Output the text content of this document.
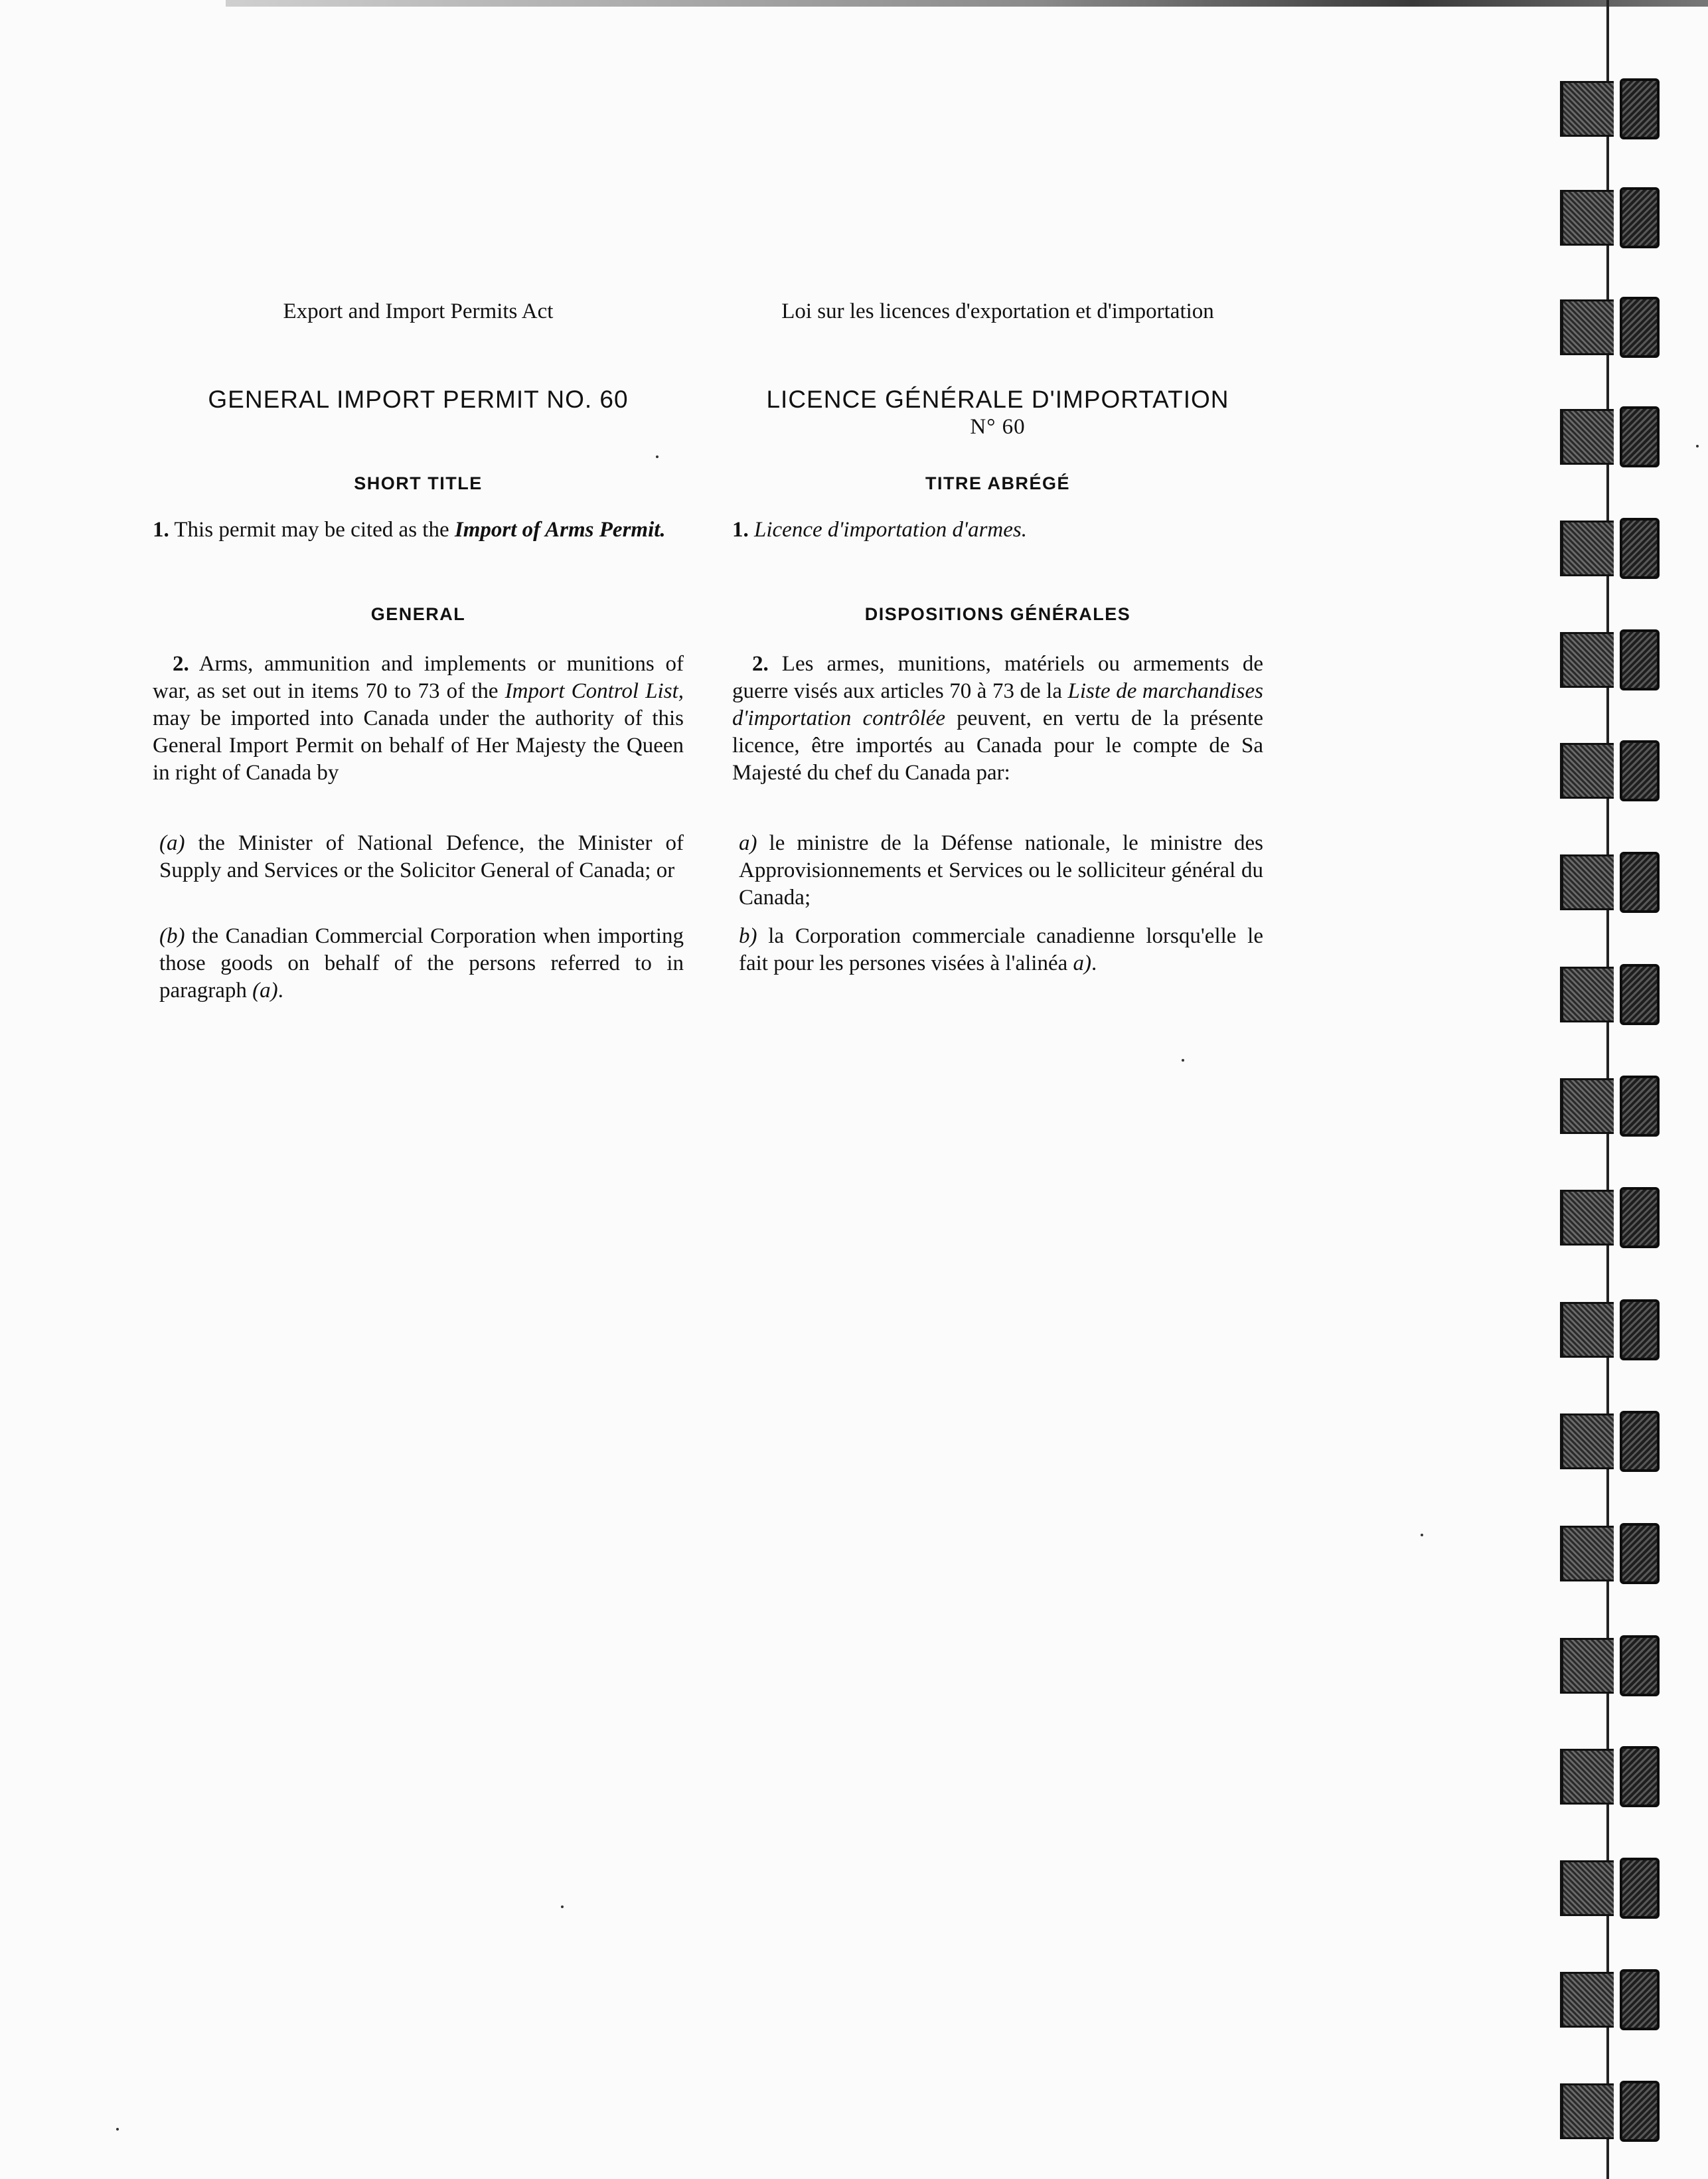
Export and Import Permits Act
GENERAL IMPORT PERMIT NO. 60
SHORT TITLE
1. This permit may be cited as the Import of Arms Permit.
GENERAL
2. Arms, ammunition and implements or munitions of war, as set out in items 70 to 73 of the Import Control List, may be imported into Canada under the authority of this General Import Permit on behalf of Her Majesty the Queen in right of Canada by
(a) the Minister of National Defence, the Minister of Supply and Services or the Solicitor General of Canada; or
(b) the Canadian Commercial Corporation when importing those goods on behalf of the persons referred to in paragraph (a).
Loi sur les licences d'exportation et d'importation
LICENCE GÉNÉRALE D'IMPORTATION
N° 60
TITRE ABRÉGÉ
1. Licence d'importation d'armes.
DISPOSITIONS GÉNÉRALES
2. Les armes, munitions, matériels ou armements de guerre visés aux articles 70 à 73 de la Liste de marchandises d'importation contrôlée peuvent, en vertu de la présente licence, être importés au Canada pour le compte de Sa Majesté du chef du Canada par:
a) le ministre de la Défense nationale, le ministre des Approvisionnements et Services ou le solliciteur général du Canada;
b) la Corporation commerciale canadienne lorsqu'elle le fait pour les persones visées à l'alinéa a).
